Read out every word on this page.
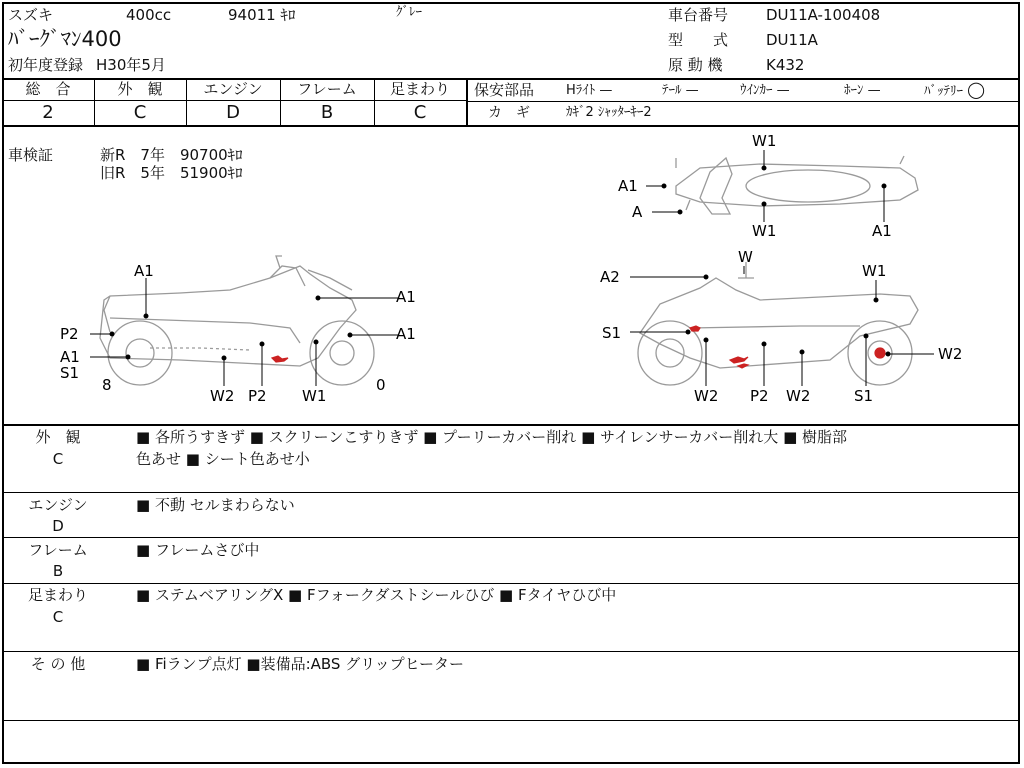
スズキ	400cc	94011 ｷﾛ	ｸﾞﾚｰ
ﾊﾞｰｸﾞﾏﾝ400
初年度登録 H30年5月
車台番号	DU11A-100408
型　　式	DU11A
原 動 機	K432
総　合	外　観	エンジン	フレーム	足まわり
2	C	D	B	C
保安部品 Hﾗｲﾄ —	ﾃｰﾙ —	ｳｲﾝｶｰ —	ﾎｰﾝ —	ﾊﾞｯﾃﾘｰ ◯
カ　ギ	ｶｷﾞ2 ｼｬｯﾀｰｷｰ2
車検証	新R　7年　90700ｷﾛ
旧R　5年　51900ｷﾛ
A1
A1
A1
P2
A1
S1
8
W2 P2 W1
0
W1
A1
A
W1	A1
W
A2	W1
S1
W2
W2 P2 W2	S1
外　観
C
■ 各所うすきず ■ スクリーンこすりきず ■ プーリーカバー削れ ■ サイレンサーカバー削れ大 ■ 樹脂部
色あせ ■ シート色あせ小
エンジン
D
■ 不動 セルまわらない
フレーム
B
■ フレームさび中
足まわり
C
■ ステムベアリングX ■ Fフォークダストシールひび ■ Fタイヤひび中
そ の 他	■ Fiランプ点灯 ■装備品:ABS グリップヒーター
